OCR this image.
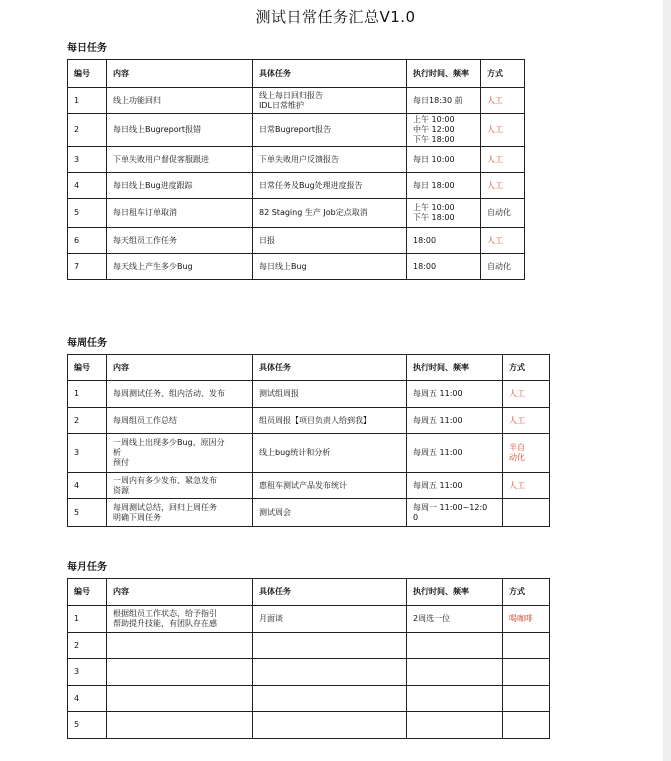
测试日常任务汇总V1.0
每日任务
编号	内容	具体任务	执行时间、频率	方式
1	线上功能回归	线上每日回归报告
IDL日常维护	每日18:30 前	人工
2	每日线上Bugreport报错	日常Bugreport报告	上午 10:00
中午 12:00
下午 18:00	人工
3	下单失败用户督促客服跟进	下单失败用户反馈报告	每日 10:00	人工
4	每日线上Bug进度跟踪	日常任务及Bug处理进度报告	每日 18:00	人工
5	每日租车订单取消	82 Staging 生产 Job定点取消	上午 10:00
下午 18:00	自动化
6	每天组员工作任务	日报	18:00	人工
7	每天线上产生多少Bug	每日线上Bug	18:00	自动化
每周任务
编号	内容	具体任务	执行时间、频率	方式
1	每周测试任务、组内活动、发布	测试组周报	每周五 11:00	人工
2	每周组员工作总结	组员周报【项目负责人给到我】	每周五 11:00	人工
3	一周线上出现多少Bug、原因分
析
预付	线上bug统计和分析	每周五 11:00	半自
动化
4	一周内有多少发布、紧急发布
资源	惠租车测试产品发布统计	每周五 11:00	人工
5	每周测试总结，回归上周任务
明确下周任务	测试周会	每周一 11:00~12:0
0	
每月任务
编号	内容	具体任务	执行时间、频率	方式
1	根据组员工作状态，给予指引
帮助提升技能，有团队存在感	月面谈	2周选一位	喝咖啡
2				
3				
4				
5				
